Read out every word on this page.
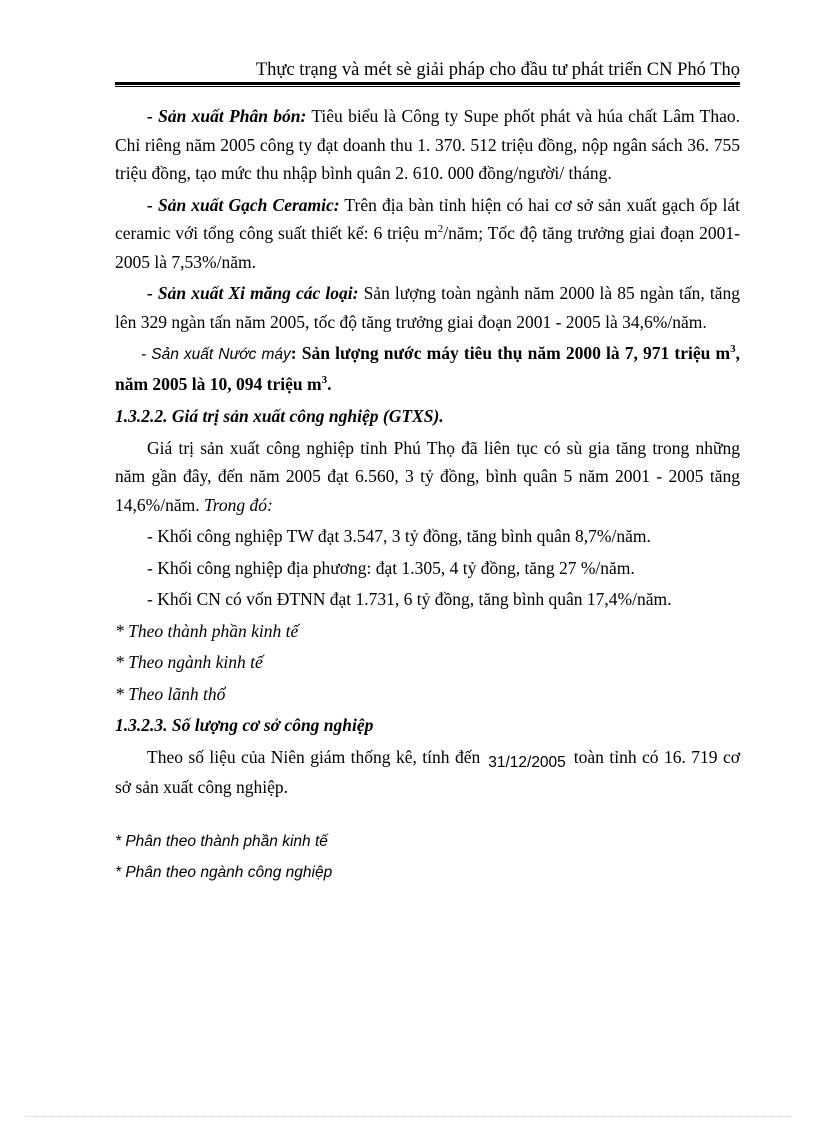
Thực trạng và mét sè giải pháp cho đầu tư phát triển CN Phó Thọ

- Sản xuất Phân bón: Tiêu biểu là Công ty Supe phốt phát và húa chất Lâm Thao. Chỉ riêng năm 2005 công ty đạt doanh thu 1. 370. 512 triệu đồng, nộp ngân sách 36. 755 triệu đồng, tạo mức thu nhập bình quân 2. 610. 000 đồng/người/ tháng.

- Sản xuất Gạch Ceramic: Trên địa bàn tỉnh hiện có hai cơ sở sản xuất gạch ốp lát ceramic với tổng công suất thiết kế: 6 triệu $m^2$/năm; Tốc độ tăng trưởng giai đoạn 2001- 2005 là 7,53%/năm.

- Sản xuất Xi măng các loại: Sản lượng toàn ngành năm 2000 là 85 ngàn tấn, tăng lên 329 ngàn tấn năm 2005, tốc độ tăng trưởng giai đoạn 2001 - 2005 là 34,6%/năm.

- Sản xuất Nước máy: Sản lượng nước máy tiêu thụ năm 2000 là 7, 971 triệu $m^3$, năm 2005 là 10, 094 triệu $m^3$.

1.3.2.2. Giá trị sản xuất công nghiệp (GTXS).

Giá trị sản xuất công nghiệp tỉnh Phú Thọ đã liên tục có sù gia tăng trong những năm gần đây, đến năm 2005 đạt 6.560, 3 tỷ đồng, bình quân 5 năm 2001 - 2005 tăng 14,6%/năm. Trong đó:

- Khối công nghiệp TW đạt 3.547, 3 tỷ đồng, tăng bình quân 8,7%/năm.

- Khối công nghiệp địa phương: đạt 1.305, 4 tỷ đồng, tăng 27 %/năm.

- Khối CN có vốn ĐTNN đạt 1.731, 6 tỷ đồng, tăng bình quân 17,4%/năm.

* Theo thành phần kinh tế

* Theo ngành kinh tế

* Theo lãnh thổ

1.3.2.3. Số lượng cơ sở công nghiệp

Theo số liệu của Niên giám thống kê, tính đến 31/12/2005 toàn tỉnh có 16. 719 cơ sở sản xuất công nghiệp.

* Phân theo thành phần kinh tế

* Phân theo ngành công nghiệp
